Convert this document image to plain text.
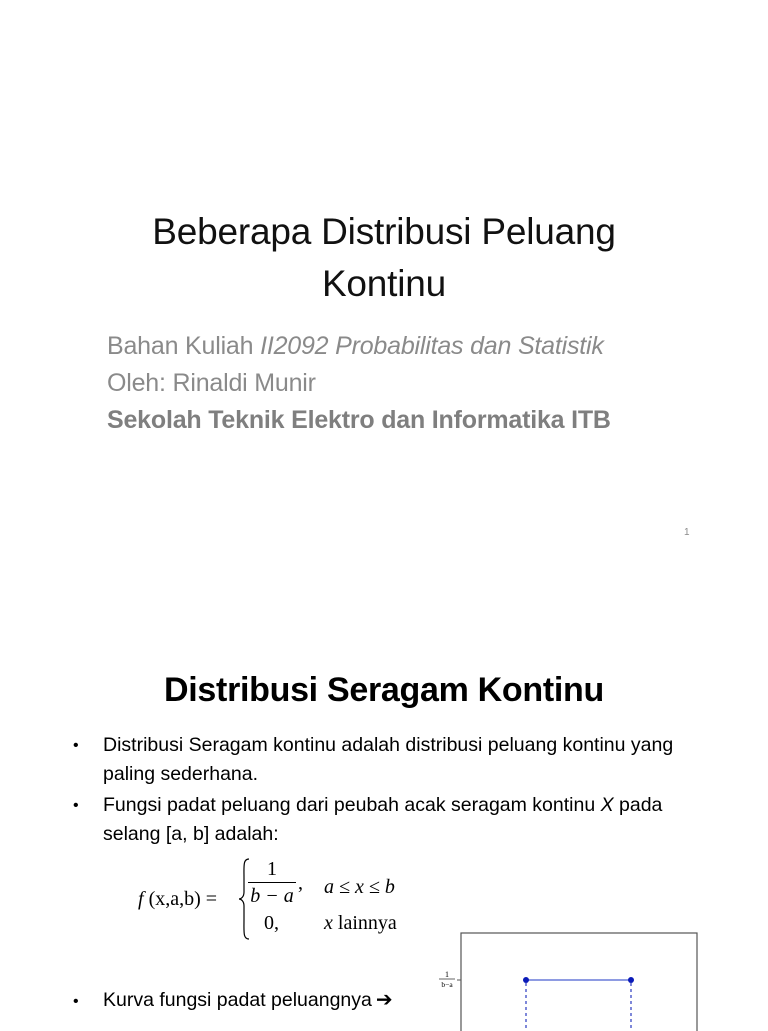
Beberapa Distribusi Peluang
Kontinu
Bahan Kuliah II2092 Probabilitas dan Statistik
Oleh: Rinaldi Munir
Sekolah Teknik Elektro dan Informatika ITB
1
Distribusi Seragam Kontinu
• Distribusi Seragam kontinu adalah distribusi peluang kontinu yang paling sederhana.
• Fungsi padat peluang dari peubah acak seragam kontinu X pada selang [a, b] adalah:
f (x,a,b) =
1
b − a
,
0,
a ≤ x ≤ b
x lainnya
• Kurva fungsi padat peluangnya ➔
1
b−a
